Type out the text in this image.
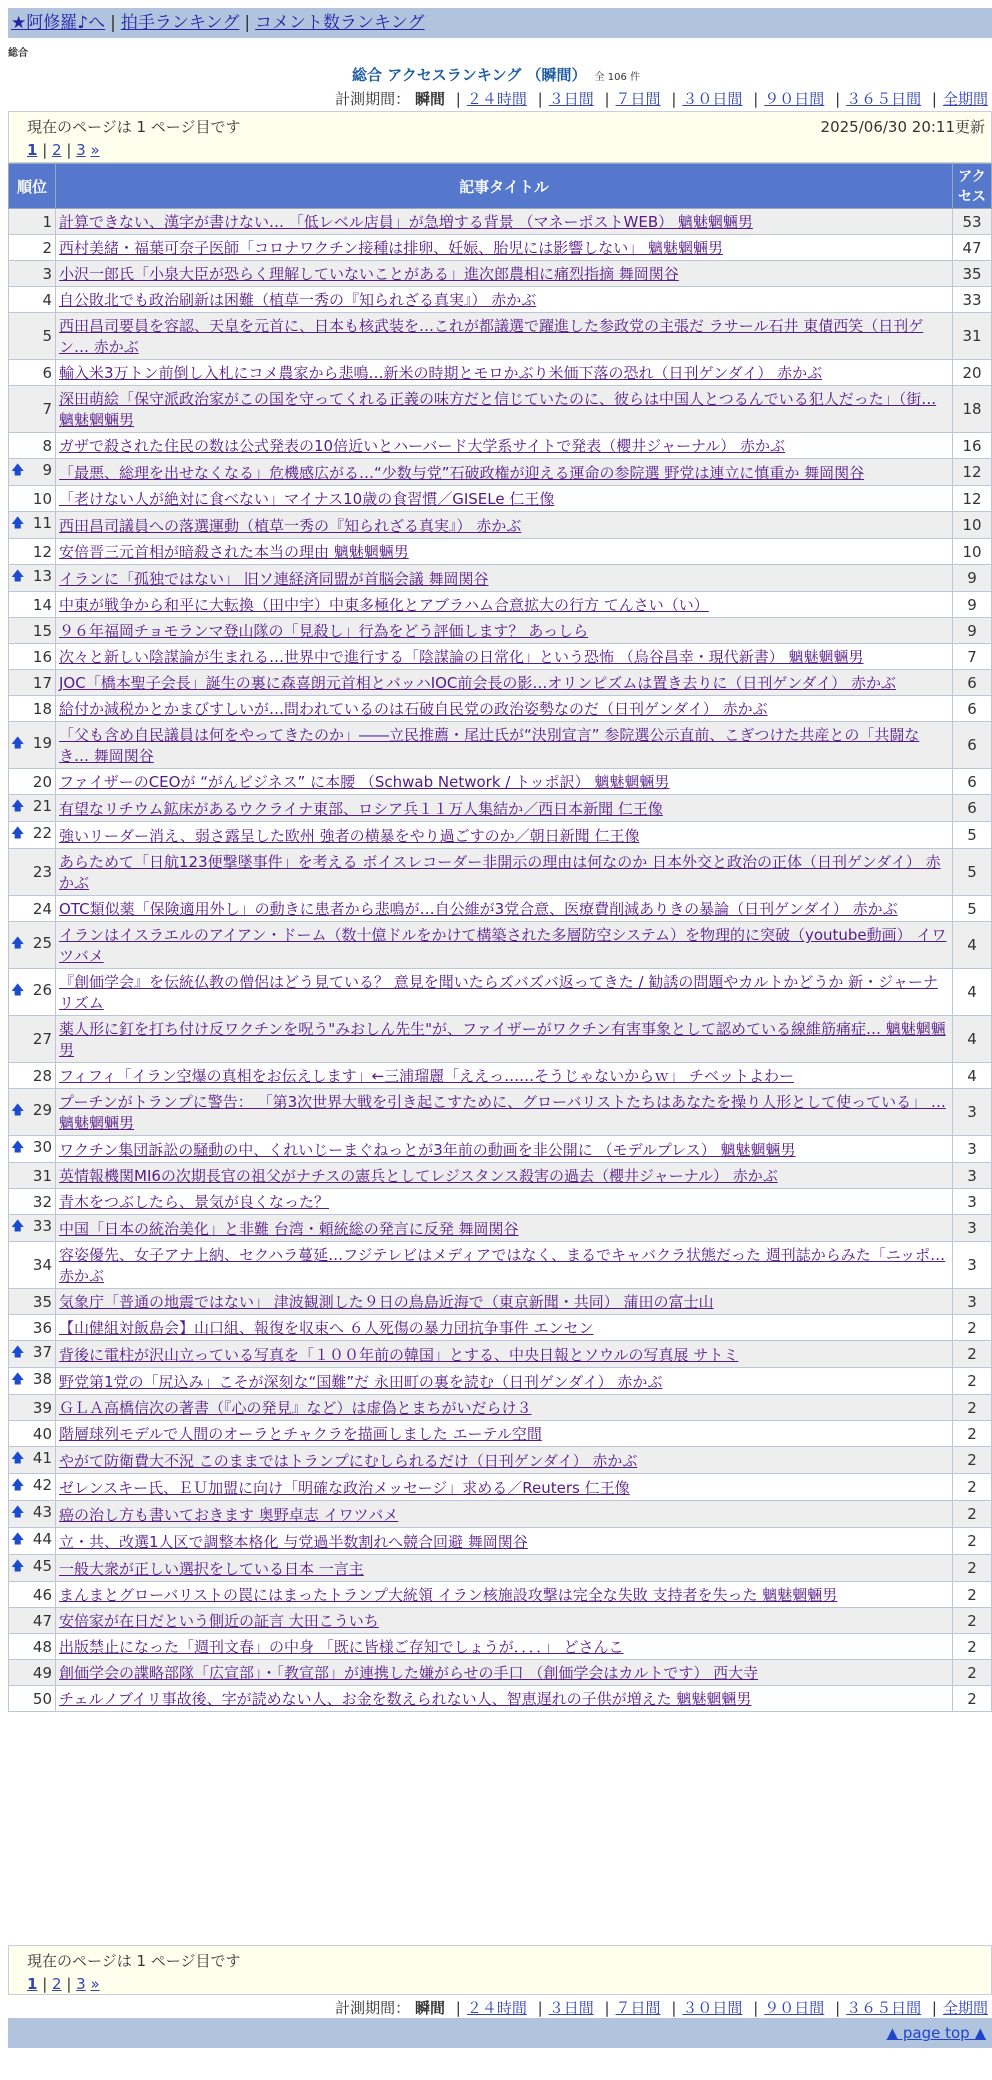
★阿修羅♪へ | 拍手ランキング | コメント数ランキング
総合
総合 アクセスランキング （瞬間） 全 106 件
計測期間： 瞬間 | ２４時間 | ３日間 | ７日間 | ３０日間 | ９０日間 | ３６５日間 | 全期間
現在のページは 1 ページ目です	2025/06/30 20:11更新
1 | 2 | 3 »
順位	記事タイトル	アクセス
1	計算できない、漢字が書けない… 「低レベル店員」が急増する背景 （マネーポストWEB） 魑魅魍魎男	53
2	西村美緒・福葉可奈子医師「コロナワクチン接種は排卵、妊娠、胎児には影響しない」 魑魅魍魎男	47
3	小沢一郎氏「小泉大臣が恐らく理解していないことがある」進次郎農相に痛烈指摘 舞岡関谷	35
4	自公敗北でも政治刷新は困難（植草一秀の『知られざる真実』） 赤かぶ	33
5	西田昌司要員を容認、天皇を元首に、日本も核武装を…これが都議選で躍進した参政党の主張だ ラサール石井 東債西笑（日刊ゲン… 赤かぶ	31
6	輸入米3万トン前倒し入札にコメ農家から悲鳴…新米の時期とモロかぶり米価下落の恐れ（日刊ゲンダイ） 赤かぶ	20
7	深田萌絵「保守派政治家がこの国を守ってくれる正義の味方だと信じていたのに、彼らは中国人とつるんでいる犯人だった」（街… 魑魅魍魎男	18
8	ガザで殺された住民の数は公式発表の10倍近いとハーバード大学系サイトで発表（櫻井ジャーナル） 赤かぶ	16

🡅 9	「最悪、総理を出せなくなる」危機感広がる…“少数与党”石破政権が迎える運命の参院選 野党は連立に慎重か 舞岡関谷	12
10	「老けない人が絶対に食べない」マイナス10歳の食習慣／GISELe 仁王像	12

🡅 11	西田昌司議員への落選運動（植草一秀の『知られざる真実』） 赤かぶ	10
12	安倍晋三元首相が暗殺された本当の理由 魑魅魍魎男	10

🡅 13	イランに「孤独ではない」 旧ソ連経済同盟が首脳会議 舞岡関谷	9
14	中東が戦争から和平に大転換（田中宇）中東多極化とアブラハム合意拡大の行方 てんさい（い）	9
15	９６年福岡チョモランマ登山隊の「見殺し」行為をどう評価します？ あっしら	9
16	次々と新しい陰謀論が生まれる…世界中で進行する「陰謀論の日常化」という恐怖 （烏谷昌幸・現代新書） 魑魅魍魎男	7
17	JOC「橋本聖子会長」誕生の裏に森喜朗元首相とバッハIOC前会長の影…オリンピズムは置き去りに（日刊ゲンダイ） 赤かぶ	6
18	給付か減税かとかまびすしいが…問われているのは石破自民党の政治姿勢なのだ（日刊ゲンダイ） 赤かぶ	6

🡅 19	「父も含め自民議員は何をやってきたのか」――立民推薦・尾辻氏が“決別宣言” 参院選公示直前、こぎつけた共産との「共闘なき… 舞岡関谷	6
20	ファイザーのCEOが “がんビジネス” に本腰 （Schwab Network / トッポ訳） 魑魅魍魎男	6

🡅 21	有望なリチウム鉱床があるウクライナ東部、ロシア兵１１万人集結か／西日本新聞 仁王像	6

🡅 22	強いリーダー消え、弱さ露呈した欧州 強者の横暴をやり過ごすのか／朝日新聞 仁王像	5
23	あらためて「日航123便撃墜事件」を考える ボイスレコーダー非開示の理由は何なのか 日本外交と政治の正体（日刊ゲンダイ） 赤かぶ	5
24	OTC類似薬「保険適用外し」の動きに患者から悲鳴が…自公維が3党合意、医療費削減ありきの暴論（日刊ゲンダイ） 赤かぶ	5

🡅 25	イランはイスラエルのアイアン・ドーム（数十億ドルをかけて構築された多層防空システム）を物理的に突破（youtube動画） イワツバメ	4

🡅 26	『創価学会』を伝統仏教の僧侶はどう見ている？ 意見を聞いたらズバズバ返ってきた / 勧誘の問題やカルトかどうか 新・ジャーナリズム	4
27	薬人形に釘を打ち付け反ワクチンを呪う"みおしん先生"が、ファイザーがワクチン有害事象として認めている線維筋痛症… 魑魅魍魎男	4
28	フィフィ「イラン空爆の真相をお伝えします」←三浦瑠麗「ええっ……そうじゃないからｗ」 チベットよわー	4

🡅 29	プーチンがトランプに警告： 「第3次世界大戦を引き起こすために、グローバリストたちはあなたを操り人形として使っている」 … 魑魅魍魎男	3

🡅 30	ワクチン集団訴訟の騒動の中、くれいじーまぐねっとが3年前の動画を非公開に （モデルプレス） 魑魅魍魎男	3
31	英情報機関MI6の次期長官の祖父がナチスの憲兵としてレジスタンス殺害の過去（櫻井ジャーナル） 赤かぶ	3
32	青木をつぶしたら、景気が良くなった？	3

🡅 33	中国「日本の統治美化」と非難 台湾・頼統総の発言に反発 舞岡関谷	3
34	容姿優先、女子アナ上納、セクハラ蔓延…フジテレビはメディアではなく、まるでキャバクラ状態だった 週刊誌からみた「ニッポ… 赤かぶ	3
35	気象庁「普通の地震ではない」 津波観測した９日の鳥島近海で（東京新聞・共同） 蒲田の富士山	3
36	【山健組対飯島会】山口組、報復を収束へ ６人死傷の暴力団抗争事件 エンセン	2

🡅 37	背後に電柱が沢山立っている写真を「１００年前の韓国」とする、中央日報とソウルの写真展 サトミ	2

🡅 38	野党第1党の「尻込み」こそが深刻な“国難”だ 永田町の裏を読む（日刊ゲンダイ） 赤かぶ	2
39	ＧＬＡ高橋信次の著書（『心の発見』など）は虚偽とまちがいだらけ３	2
40	階層球列モデルで人間のオーラとチャクラを描画しました エーテル空間	2

🡅 41	やがて防衛費大不況 このままではトランプにむしられるだけ（日刊ゲンダイ） 赤かぶ	2

🡅 42	ゼレンスキー氏、ＥＵ加盟に向け「明確な政治メッセージ」求める／Reuters 仁王像	2

🡅 43	癌の治し方も書いておきます 奥野卓志 イワツバメ	2

🡅 44	立・共、改選1人区で調整本格化 与党過半数割れへ競合回避 舞岡関谷	2

🡅 45	一般大衆が正しい選択をしている日本 一言主	2
46	まんまとグローバリストの罠にはまったトランプ大統領 イラン核施設攻撃は完全な失敗 支持者を失った 魑魅魍魎男	2
47	安倍家が在日だという側近の証言 大田こういち	2
48	出版禁止になった「週刊文春」の中身 「既に皆様ご存知でしょうが．．．．」 どさんこ	2
49	創価学会の諜略部隊「広宣部」・「教宣部」が連携した嫌がらせの手口 （創価学会はカルトです） 西大寺	2
50	チェルノブイリ事故後、字が読めない人、お金を数えられない人、智恵遅れの子供が増えた 魑魅魍魎男	2
現在のページは 1 ページ目です
1 | 2 | 3 »
計測期間： 瞬間 | ２４時間 | ３日間 | ７日間 | ３０日間 | ９０日間 | ３６５日間 | 全期間
▲ page top ▲
